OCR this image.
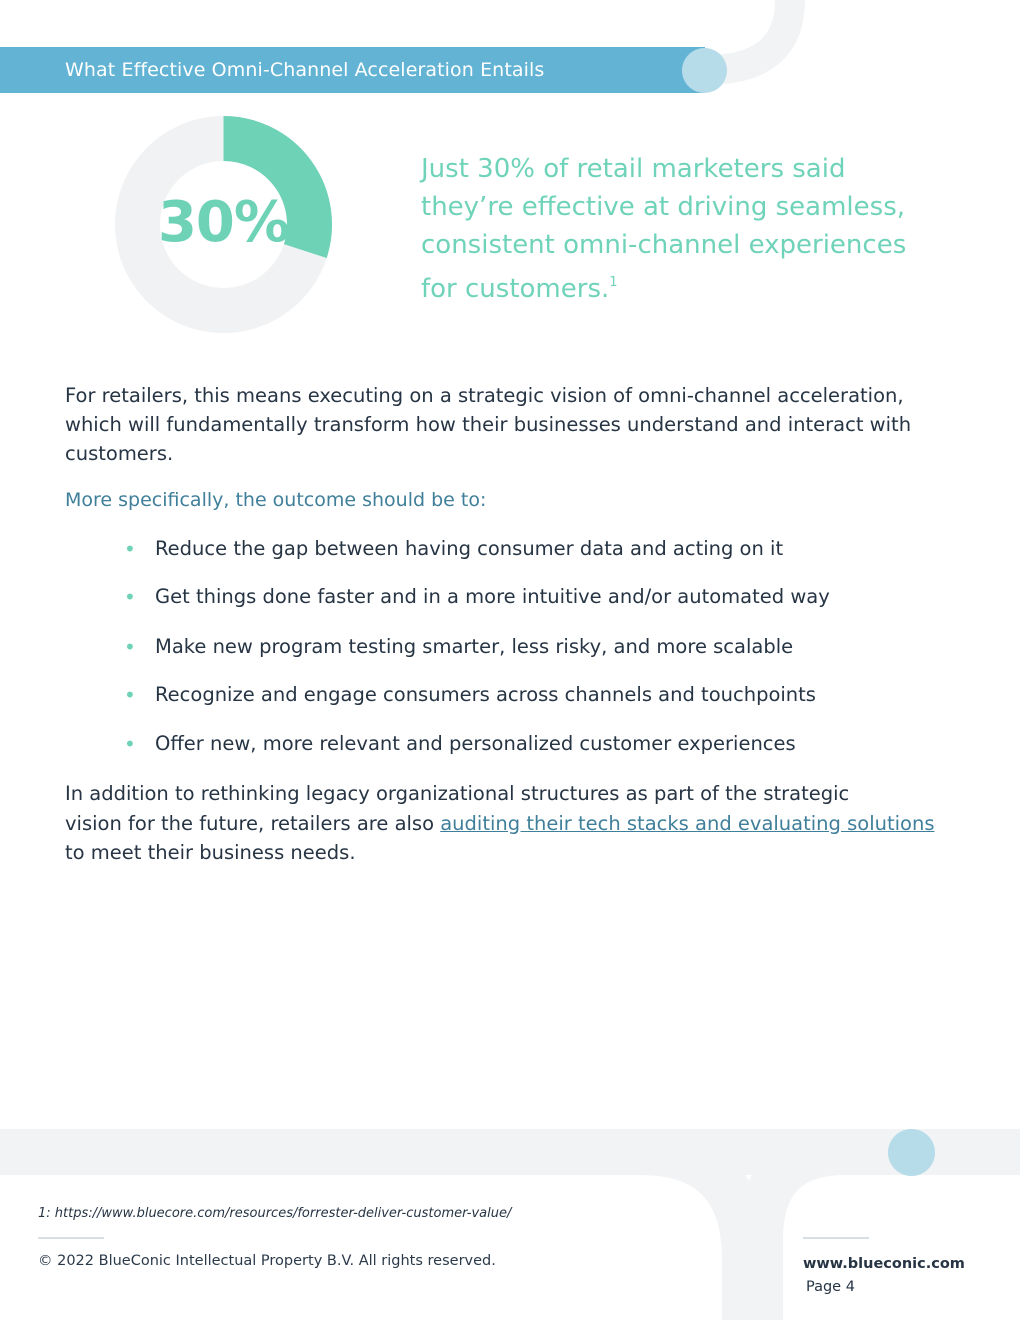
What Effective Omni-Channel Acceleration Entails
30%
Just 30% of retail marketers said
they’re effective at driving seamless,
consistent omni-channel experiences
for customers.$^1$
For retailers, this means executing on a strategic vision of omni-channel acceleration, which will fundamentally transform how their businesses understand and interact with customers.
More specifically, the outcome should be to:
• Reduce the gap between having consumer data and acting on it
• Get things done faster and in a more intuitive and/or automated way
• Make new program testing smarter, less risky, and more scalable
• Recognize and engage consumers across channels and touchpoints
• Offer new, more relevant and personalized customer experiences
In addition to rethinking legacy organizational structures as part of the strategic
vision for the future, retailers are also auditing their tech stacks and evaluating solutions
to meet their business needs.
1: https://www.bluecore.com/resources/forrester-deliver-customer-value/
© 2022 BlueConic Intellectual Property B.V. All rights reserved.	www.blueconic.com
Page 4
